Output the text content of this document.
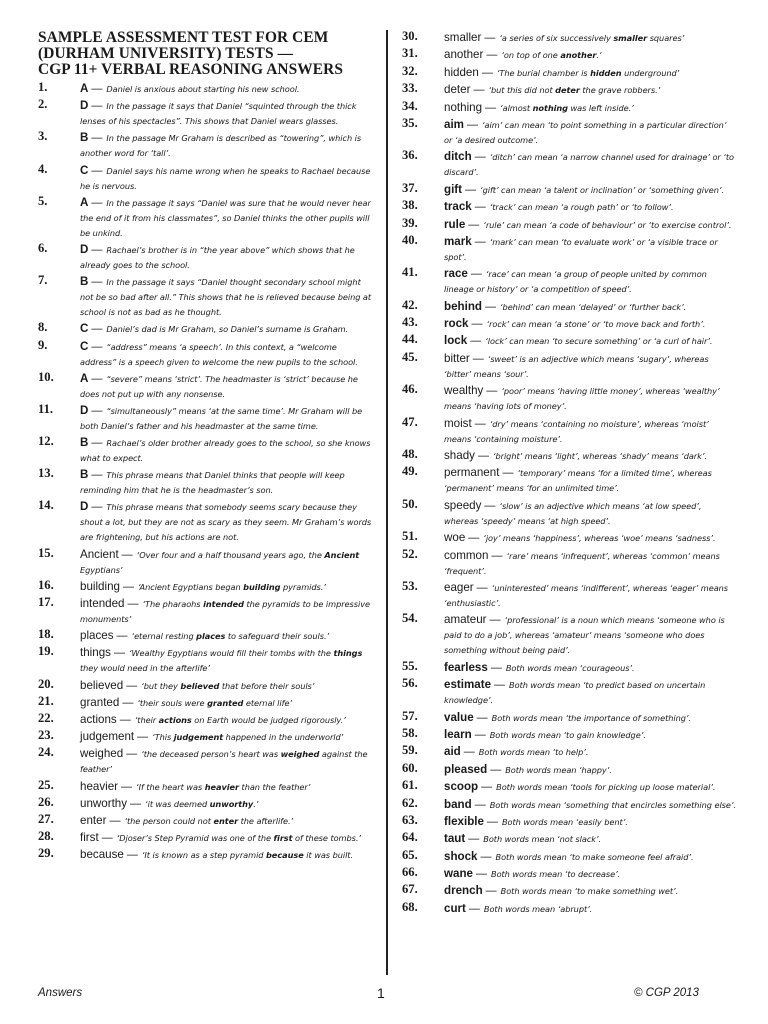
SAMPLE ASSESSMENT TEST FOR CEM
(DURHAM UNIVERSITY) TESTS —
CGP 11+ VERBAL REASONING ANSWERS
1.	A — Daniel is anxious about starting his new school.
2.	D — In the passage it says that Daniel “squinted through the thick lenses of his spectacles”. This shows that Daniel wears glasses.
3.	B — In the passage Mr Graham is described as “towering”, which is another word for ‘tall’.
4.	C — Daniel says his name wrong when he speaks to Rachael because he is nervous.
5.	A — In the passage it says “Daniel was sure that he would never hear the end of it from his classmates”, so Daniel thinks the other pupils will be unkind.
6.	D — Rachael’s brother is in “the year above” which shows that he already goes to the school.
7.	B — In the passage it says “Daniel thought secondary school might not be so bad after all.” This shows that he is relieved because being at school is not as bad as he thought.
8.	C — Daniel’s dad is Mr Graham, so Daniel’s surname is Graham.
9.	C — “address” means ‘a speech’. In this context, a “welcome address” is a speech given to welcome the new pupils to the school.
10.	A — “severe” means ‘strict’. The headmaster is ‘strict’ because he does not put up with any nonsense.
11.	D — “simultaneously” means ‘at the same time’. Mr Graham will be both Daniel’s father and his headmaster at the same time.
12.	B — Rachael’s older brother already goes to the school, so she knows what to expect.
13.	B — This phrase means that Daniel thinks that people will keep reminding him that he is the headmaster’s son.
14.	D — This phrase means that somebody seems scary because they shout a lot, but they are not as scary as they seem. Mr Graham’s words are frightening, but his actions are not.
15.	Ancient — ‘Over four and a half thousand years ago, the Ancient Egyptians’
16.	building — ‘Ancient Egyptians began building pyramids.’
17.	intended — ‘The pharaohs intended the pyramids to be impressive monuments’
18.	places — ‘eternal resting places to safeguard their souls.’
19.	things — ‘Wealthy Egyptians would fill their tombs with the things they would need in the afterlife’
20.	believed — ‘but they believed that before their souls’
21.	granted — ‘their souls were granted eternal life’
22.	actions — ‘their actions on Earth would be judged rigorously.’
23.	judgement — ‘This judgement happened in the underworld’
24.	weighed — ‘the deceased person’s heart was weighed against the feather’
25.	heavier — ‘If the heart was heavier than the feather’
26.	unworthy — ‘it was deemed unworthy.’
27.	enter — ‘the person could not enter the afterlife.’
28.	first — ‘Djoser’s Step Pyramid was one of the first of these tombs.’
29.	because — ‘It is known as a step pyramid because it was built.
30.	smaller — ‘a series of six successively smaller squares’
31.	another — ‘on top of one another.’
32.	hidden — ‘The burial chamber is hidden underground’
33.	deter — ‘but this did not deter the grave robbers.’
34.	nothing — ‘almost nothing was left inside.’
35.	aim — ‘aim’ can mean ‘to point something in a particular direction’ or ‘a desired outcome’.
36.	ditch — ‘ditch’ can mean ‘a narrow channel used for drainage’ or ‘to discard’.
37.	gift — ‘gift’ can mean ‘a talent or inclination’ or ‘something given’.
38.	track — ‘track’ can mean ‘a rough path’ or ‘to follow’.
39.	rule — ‘rule’ can mean ‘a code of behaviour’ or ‘to exercise control’.
40.	mark — ‘mark’ can mean ‘to evaluate work’ or ‘a visible trace or spot’.
41.	race — ‘race’ can mean ‘a group of people united by common lineage or history’ or ‘a competition of speed’.
42.	behind — ‘behind’ can mean ‘delayed’ or ‘further back’.
43.	rock — ‘rock’ can mean ‘a stone’ or ‘to move back and forth’.
44.	lock — ‘lock’ can mean ‘to secure something’ or ‘a curl of hair’.
45.	bitter — ‘sweet’ is an adjective which means ‘sugary’, whereas ‘bitter’ means ‘sour’.
46.	wealthy — ‘poor’ means ‘having little money’, whereas ‘wealthy’ means ‘having lots of money’.
47.	moist — ‘dry’ means ‘containing no moisture’, whereas ‘moist’ means ‘containing moisture’.
48.	shady — ‘bright’ means ‘light’, whereas ‘shady’ means ‘dark’.
49.	permanent — ‘temporary’ means ‘for a limited time’, whereas ‘permanent’ means ‘for an unlimited time’.
50.	speedy — ‘slow’ is an adjective which means ‘at low speed’, whereas ‘speedy’ means ‘at high speed’.
51.	woe — ‘joy’ means ‘happiness’, whereas ‘woe’ means ‘sadness’.
52.	common — ‘rare’ means ‘infrequent’, whereas ‘common’ means ‘frequent’.
53.	eager — ‘uninterested’ means ‘indifferent’, whereas ‘eager’ means ‘enthusiastic’.
54.	amateur — ‘professional’ is a noun which means ‘someone who is paid to do a job’, whereas ‘amateur’ means ‘someone who does something without being paid’.
55.	fearless — Both words mean ‘courageous’.
56.	estimate — Both words mean ‘to predict based on uncertain knowledge’.
57.	value — Both words mean ‘the importance of something’.
58.	learn — Both words mean ‘to gain knowledge’.
59.	aid — Both words mean ‘to help’.
60.	pleased — Both words mean ‘happy’.
61.	scoop — Both words mean ‘tools for picking up loose material’.
62.	band — Both words mean ‘something that encircles something else’.
63.	flexible — Both words mean ‘easily bent’.
64.	taut — Both words mean ‘not slack’.
65.	shock — Both words mean ‘to make someone feel afraid’.
66.	wane — Both words mean ‘to decrease’.
67.	drench — Both words mean ‘to make something wet’.
68.	curt — Both words mean ‘abrupt’.
Answers	1	© CGP 2013
